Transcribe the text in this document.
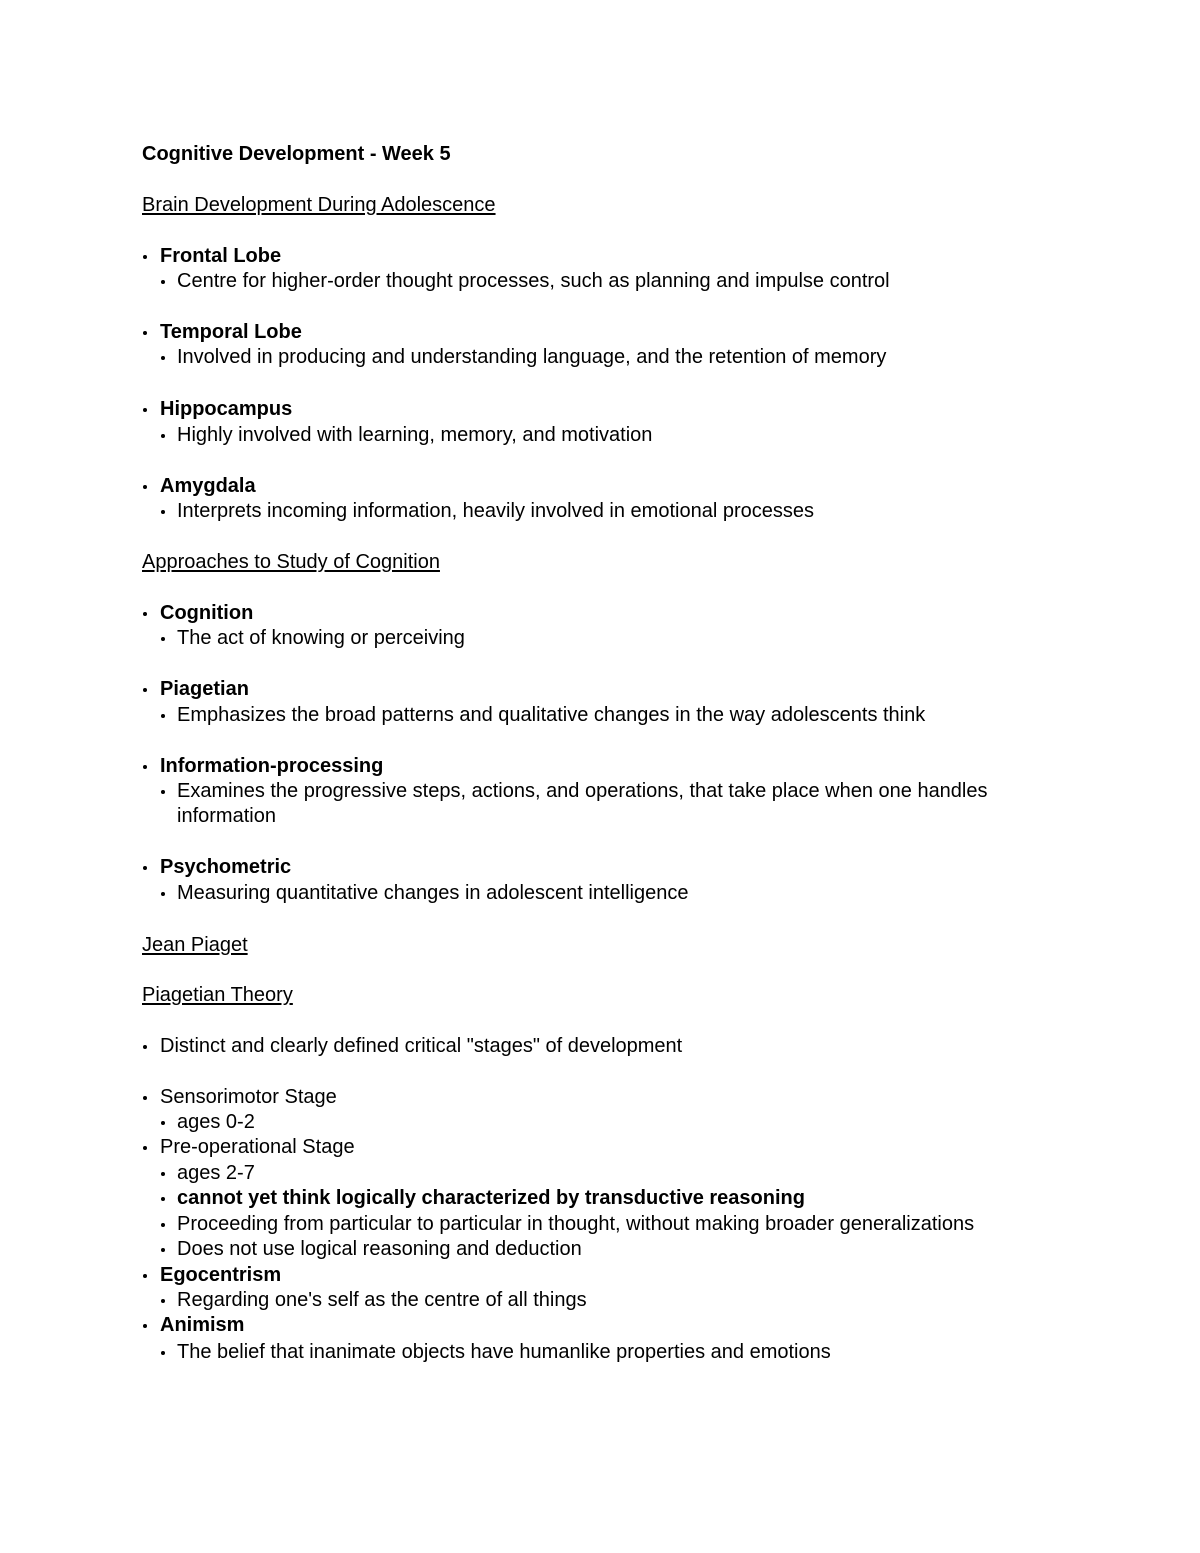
Cognitive Development - Week 5
Brain Development During Adolescence
Frontal Lobe
Centre for higher-order thought processes, such as planning and impulse control
Temporal Lobe
Involved in producing and understanding language, and the retention of memory
Hippocampus
Highly involved with learning, memory, and motivation
Amygdala
Interprets incoming information, heavily involved in emotional processes
Approaches to Study of Cognition
Cognition
The act of knowing or perceiving
Piagetian
Emphasizes the broad patterns and qualitative changes in the way adolescents think
Information-processing
Examines the progressive steps, actions, and operations, that take place when one handles
information
Psychometric
Measuring quantitative changes in adolescent intelligence
Jean Piaget
Piagetian Theory
Distinct and clearly defined critical "stages" of development
Sensorimotor Stage
ages 0-2
Pre-operational Stage
ages 2-7
cannot yet think logically characterized by transductive reasoning
Proceeding from particular to particular in thought, without making broader generalizations
Does not use logical reasoning and deduction
Egocentrism
Regarding one's self as the centre of all things
Animism
The belief that inanimate objects have humanlike properties and emotions
